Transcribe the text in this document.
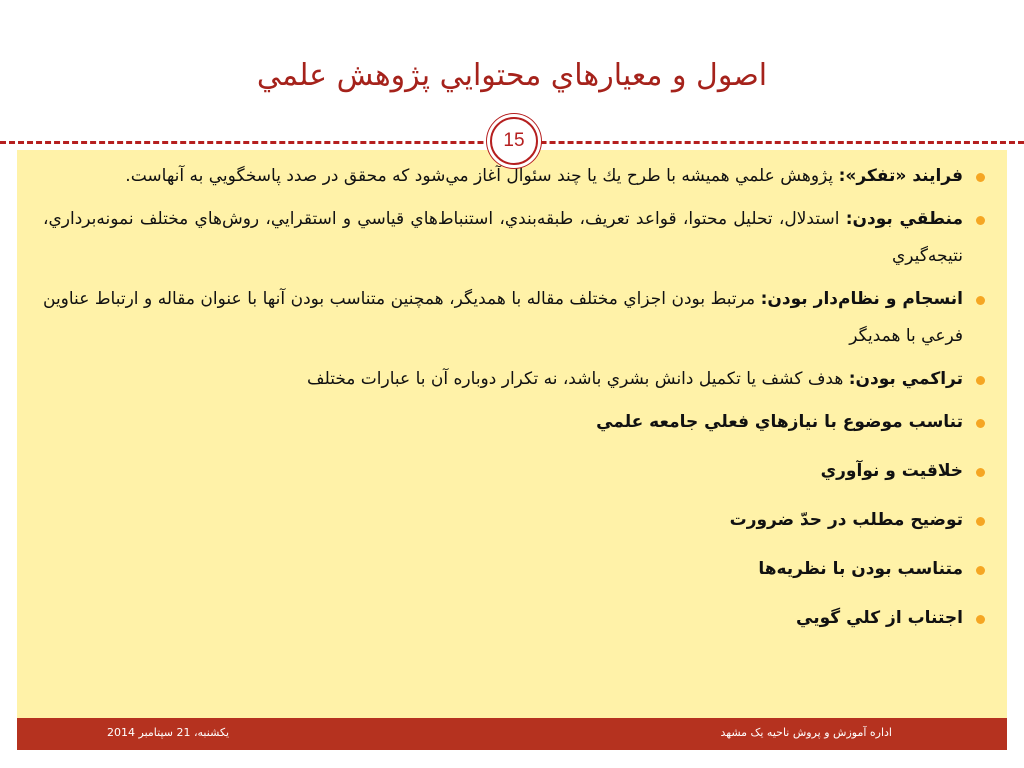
اصول و معيارهاي محتوايي پژوهش علمي
15
فرايند «تفكر»: پژوهش علمي هميشه با طرح يك يا چند سئوال آغاز مي‌شود كه محقق در صدد پاسخگويي به آنهاست.
منطقي بودن: استدلال، تحليل محتوا، قواعد تعريف، طبقه‌بندي، استنباط‌هاي قياسي و استقرايي، روش‌هاي مختلف نمونه‌برداري، نتيجه‌گيري
انسجام و نظام‌دار بودن: مرتبط بودن اجزاي مختلف مقاله با همديگر، همچنين متناسب بودن آنها با عنوان مقاله و ارتباط عناوين فرعي با همديگر
تراكمي بودن: هدف كشف يا تكميل دانش بشري باشد، نه تكرار دوباره آن با عبارات مختلف
تناسب موضوع با نيازهاي فعلي جامعه علمي
خلاقيت و نوآوري
توضيح مطلب در حدّ ضرورت
متناسب بودن با نظريه‌ها
اجتناب از كلي گويي
اداره آموزش و پروش ناحیه یک مشهد
يكشنبه، 21 سپتامبر 2014
